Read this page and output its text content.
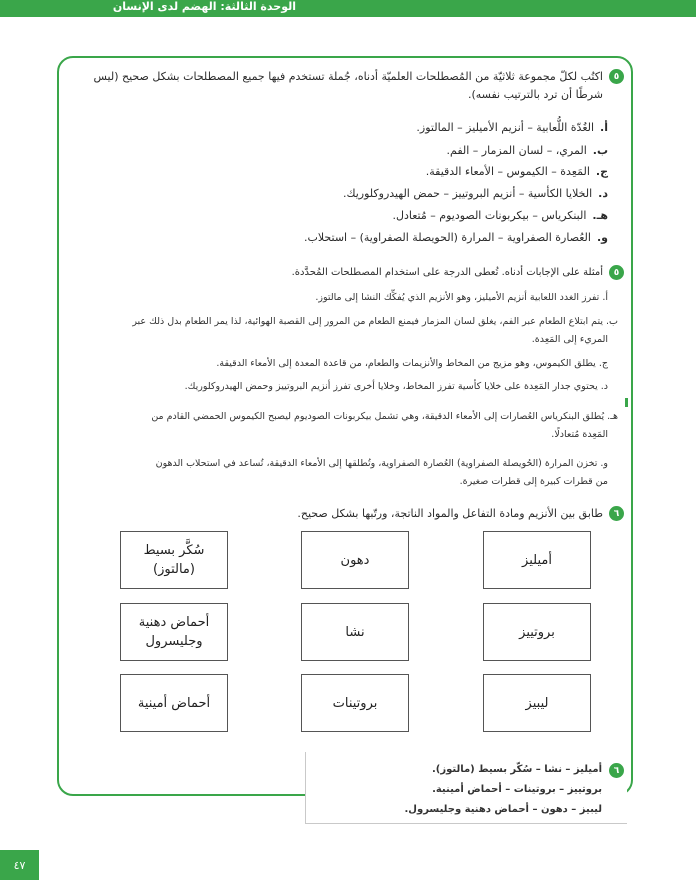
الوحدة الثالثة: الهضم لدى الإنسان
٥

اكتُب لكلّ مجموعة ثلاثيّة من المُصطلحات العلميّة أدناه، جُملة تستخدم فيها جميع المصطلحات بشكل صحيح (ليس شرطًا أن ترد بالترتيب نفسه).

أ.الغُدّة اللُّعابية – أنزيم الأميليز – المالتوز.
ب.المري، – لسان المزمار – الفم.
ج.المَعِدة – الكيموس – الأمعاء الدقيقة.
د.الخلايا الكأسية – أنزيم البروتييز – حمض الهيدروكلوريك.
هـ.البنكرياس – بيكربونات الصوديوم – مُتعادل.
و.العُصارة الصفراوية – المرارة (الحويصلة الصفراوية) – استحلاب.
٥

أمثلة على الإجابات أدناه. تُعطى الدرجة على استخدام المصطلحات المُحدَّدة.

أ. تفرز الغدد اللعابية أنزيم الأميليز، وهو الأنزيم الذي يُفكِّك النشا إلى مالتوز.
ب. يتم ابتلاع الطعام عبر الفم، يغلق لسان المزمار فيمنع الطعام من المرور إلى القصبة الهوائية، لذا يمر الطعام بدل ذلك عبر
المريء إلى المَعِدة.
ج. يطلق الكيموس، وهو مزيج من المخاط والأنزيمات والطعام، من قاعدة المعدة إلى الأمعاء الدقيقة.
د. يحتوي جدار المَعِدة على خلايا كأسية تفرز المخاط، وخلايا أخرى تفرز أنزيم البروتييز وحمض الهيدروكلوريك.
هـ. يُطلق البنكرياس العُصارات إلى الأمعاء الدقيقة، وهي تشمل بيكربونات الصوديوم ليصبح الكيموس الحمضي القادم من
المَعِدة مُتعادلًا.
و. تخزن المرارة (الحُويصلة الصفراوية) العُصارة الصفراوية، وتُطلقها إلى الأمعاء الدقيقة، تُساعد في استحلاب الدهون
من قطرات كبيرة إلى قطرات صغيرة.
٦

طابق بين الأنزيم ومادة التفاعل والمواد الناتجة، ورتّبها بشكل صحيح.

أميليز
بروتييز
ليبيز
دهون
نشا
بروتينات
سُكَّر بسيط (مالتوز)
أحماض دهنية وجليسرول
أحماض أمينية
٦
أميليز – نشا – سُكّر بسيط (مالتوز).
بروتييز – بروتينات – أحماض أمينية.
ليبيز – دهون – أحماض دهنية وجليسرول.
٤٧
